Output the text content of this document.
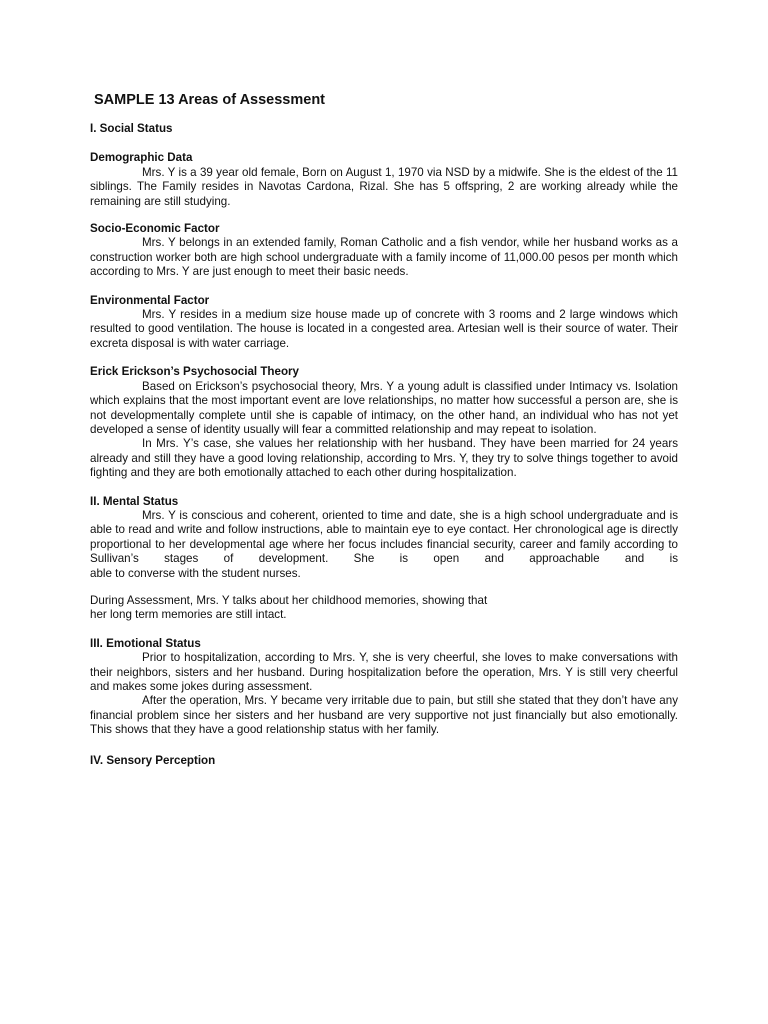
SAMPLE 13 Areas of Assessment
I. Social Status
Demographic Data

Mrs. Y is a 39 year old female, Born on August 1, 1970 via NSD by a midwife. She is the eldest of the 11 siblings. The Family resides in Navotas Cardona, Rizal. She has 5 offspring, 2 are working already while the remaining are still studying.

Socio-Economic Factor

Mrs. Y belongs in an extended family, Roman Catholic and a fish vendor, while her husband works as a construction worker both are high school undergraduate with a family income of 11,000.00 pesos per month which according to Mrs. Y are just enough to meet their basic needs.

Environmental Factor

Mrs. Y resides in a medium size house made up of concrete with 3 rooms and 2 large windows which resulted to good ventilation. The house is located in a congested area. Artesian well is their source of water. Their excreta disposal is with water carriage.

Erick Erickson’s Psychosocial Theory

Based on Erickson’s psychosocial theory, Mrs. Y a young adult is classified under Intimacy vs. Isolation which explains that the most important event are love relationships, no matter how successful a person are, she is not developmentally complete until she is capable of intimacy, on the other hand, an individual who has not yet developed a sense of identity usually will fear a committed relationship and may repeat to isolation.

In Mrs. Y’s case, she values her relationship with her husband. They have been married for 24 years already and still they have a good loving relationship, according to Mrs. Y, they try to solve things together to avoid fighting and they are both emotionally attached to each other during hospitalization.

II. Mental Status

Mrs. Y is conscious and coherent, oriented to time and date, she is a high school undergraduate and is able to read and write and follow instructions, able to maintain eye to eye contact. Her chronological age is directly proportional to her developmental age where her focus includes financial security, career and family according to Sullivan’s stages of development. She is open and approachable and is

able to converse with the student nurses.

During Assessment, Mrs. Y talks about her childhood memories, showing that
her long term memories are still intact.
III. Emotional Status

Prior to hospitalization, according to Mrs. Y, she is very cheerful, she loves to make conversations with their neighbors, sisters and her husband. During hospitalization before the operation, Mrs. Y is still very cheerful and makes some jokes during assessment.

After the operation, Mrs. Y became very irritable due to pain, but still she stated that they don’t have any financial problem since her sisters and her husband are very supportive not just financially but also emotionally. This shows that they have a good relationship status with her family.

IV. Sensory Perception
